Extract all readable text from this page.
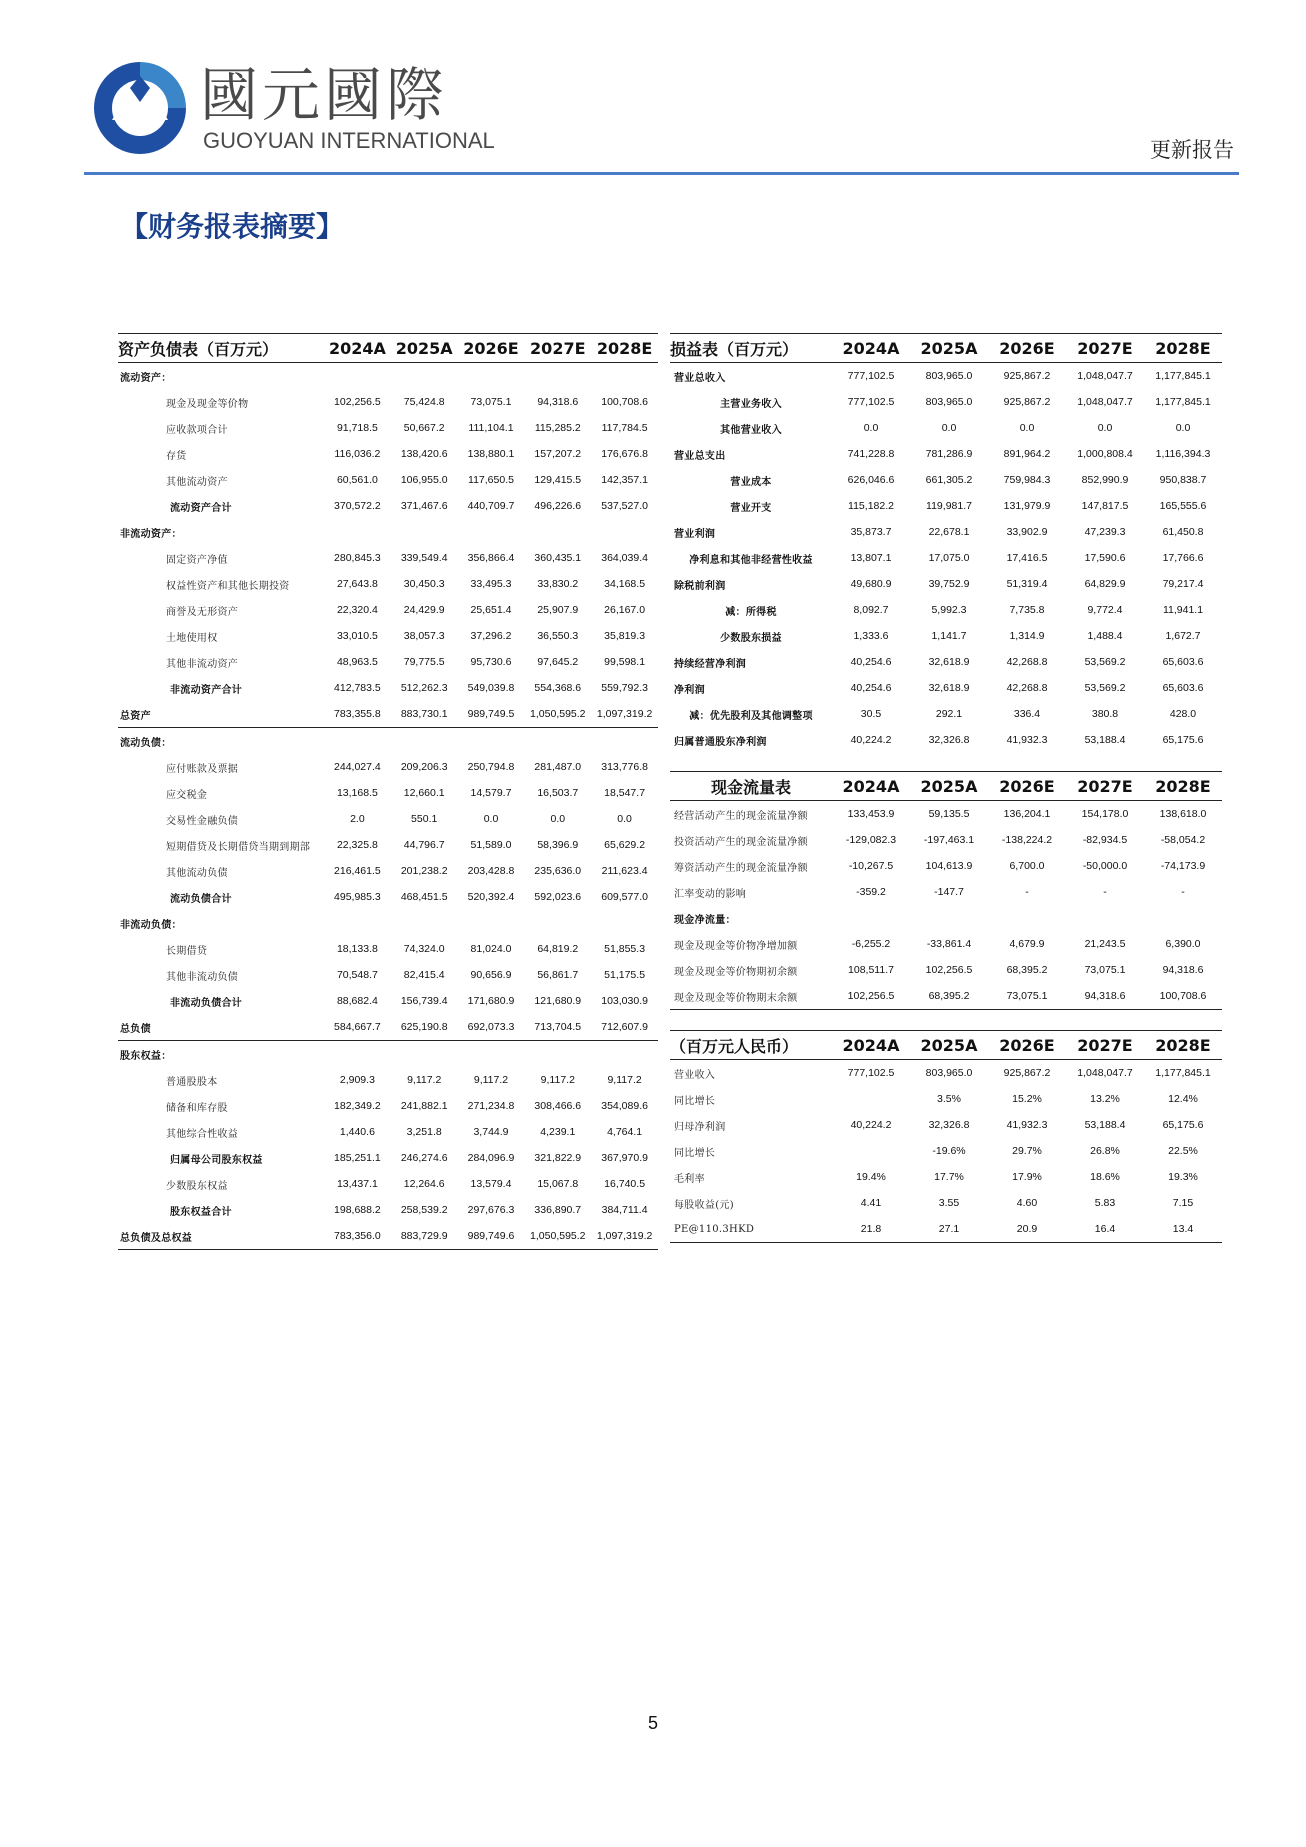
國元國際
GUOYUAN INTERNATIONAL	更新报告
【财务报表摘要】
资产负债表（百万元）	2024A	2025A	2026E	2027E	2028E
流动资产：					
现金及现金等价物	102,256.5	75,424.8	73,075.1	94,318.6	100,708.6
应收款项合计	91,718.5	50,667.2	111,104.1	115,285.2	117,784.5
存货	116,036.2	138,420.6	138,880.1	157,207.2	176,676.8
其他流动资产	60,561.0	106,955.0	117,650.5	129,415.5	142,357.1
流动资产合计	370,572.2	371,467.6	440,709.7	496,226.6	537,527.0
非流动资产：					
固定资产净值	280,845.3	339,549.4	356,866.4	360,435.1	364,039.4
权益性资产和其他长期投资	27,643.8	30,450.3	33,495.3	33,830.2	34,168.5
商誉及无形资产	22,320.4	24,429.9	25,651.4	25,907.9	26,167.0
土地使用权	33,010.5	38,057.3	37,296.2	36,550.3	35,819.3
其他非流动资产	48,963.5	79,775.5	95,730.6	97,645.2	99,598.1
非流动资产合计	412,783.5	512,262.3	549,039.8	554,368.6	559,792.3
总资产	783,355.8	883,730.1	989,749.5	1,050,595.2	1,097,319.2
流动负债：					
应付账款及票据	244,027.4	209,206.3	250,794.8	281,487.0	313,776.8
应交税金	13,168.5	12,660.1	14,579.7	16,503.7	18,547.7
交易性金融负债	2.0	550.1	0.0	0.0	0.0
短期借贷及长期借贷当期到期部	22,325.8	44,796.7	51,589.0	58,396.9	65,629.2
其他流动负债	216,461.5	201,238.2	203,428.8	235,636.0	211,623.4
流动负债合计	495,985.3	468,451.5	520,392.4	592,023.6	609,577.0
非流动负债：					
长期借贷	18,133.8	74,324.0	81,024.0	64,819.2	51,855.3
其他非流动负债	70,548.7	82,415.4	90,656.9	56,861.7	51,175.5
非流动负债合计	88,682.4	156,739.4	171,680.9	121,680.9	103,030.9
总负债	584,667.7	625,190.8	692,073.3	713,704.5	712,607.9
股东权益：					
普通股股本	2,909.3	9,117.2	9,117.2	9,117.2	9,117.2
储备和库存股	182,349.2	241,882.1	271,234.8	308,466.6	354,089.6
其他综合性收益	1,440.6	3,251.8	3,744.9	4,239.1	4,764.1
归属母公司股东权益	185,251.1	246,274.6	284,096.9	321,822.9	367,970.9
少数股东权益	13,437.1	12,264.6	13,579.4	15,067.8	16,740.5
股东权益合计	198,688.2	258,539.2	297,676.3	336,890.7	384,711.4
总负债及总权益	783,356.0	883,729.9	989,749.6	1,050,595.2	1,097,319.2
损益表（百万元）	2024A	2025A	2026E	2027E	2028E
营业总收入	777,102.5	803,965.0	925,867.2	1,048,047.7	1,177,845.1
主营业务收入	777,102.5	803,965.0	925,867.2	1,048,047.7	1,177,845.1
其他营业收入	0.0	0.0	0.0	0.0	0.0
营业总支出	741,228.8	781,286.9	891,964.2	1,000,808.4	1,116,394.3
营业成本	626,046.6	661,305.2	759,984.3	852,990.9	950,838.7
营业开支	115,182.2	119,981.7	131,979.9	147,817.5	165,555.6
营业利润	35,873.7	22,678.1	33,902.9	47,239.3	61,450.8
净利息和其他非经营性收益	13,807.1	17,075.0	17,416.5	17,590.6	17,766.6
除税前利润	49,680.9	39,752.9	51,319.4	64,829.9	79,217.4
减：所得税	8,092.7	5,992.3	7,735.8	9,772.4	11,941.1
少数股东损益	1,333.6	1,141.7	1,314.9	1,488.4	1,672.7
持续经营净利润	40,254.6	32,618.9	42,268.8	53,569.2	65,603.6
净利润	40,254.6	32,618.9	42,268.8	53,569.2	65,603.6
减：优先股利及其他调整项	30.5	292.1	336.4	380.8	428.0
归属普通股东净利润	40,224.2	32,326.8	41,932.3	53,188.4	65,175.6
现金流量表	2024A	2025A	2026E	2027E	2028E
经营活动产生的现金流量净额	133,453.9	59,135.5	136,204.1	154,178.0	138,618.0
投资活动产生的现金流量净额	-129,082.3	-197,463.1	-138,224.2	-82,934.5	-58,054.2
筹资活动产生的现金流量净额	-10,267.5	104,613.9	6,700.0	-50,000.0	-74,173.9
汇率变动的影响	-359.2	-147.7	-	-	-
现金净流量：					
现金及现金等价物净增加额	-6,255.2	-33,861.4	4,679.9	21,243.5	6,390.0
现金及现金等价物期初余额	108,511.7	102,256.5	68,395.2	73,075.1	94,318.6
现金及现金等价物期末余额	102,256.5	68,395.2	73,075.1	94,318.6	100,708.6
（百万元人民币）	2024A	2025A	2026E	2027E	2028E
营业收入	777,102.5	803,965.0	925,867.2	1,048,047.7	1,177,845.1
同比增长		3.5%	15.2%	13.2%	12.4%
归母净利润	40,224.2	32,326.8	41,932.3	53,188.4	65,175.6
同比增长		-19.6%	29.7%	26.8%	22.5%
毛利率	19.4%	17.7%	17.9%	18.6%	19.3%
每股收益(元)	4.41	3.55	4.60	5.83	7.15
PE@110.3HKD	21.8	27.1	20.9	16.4	13.4
5
